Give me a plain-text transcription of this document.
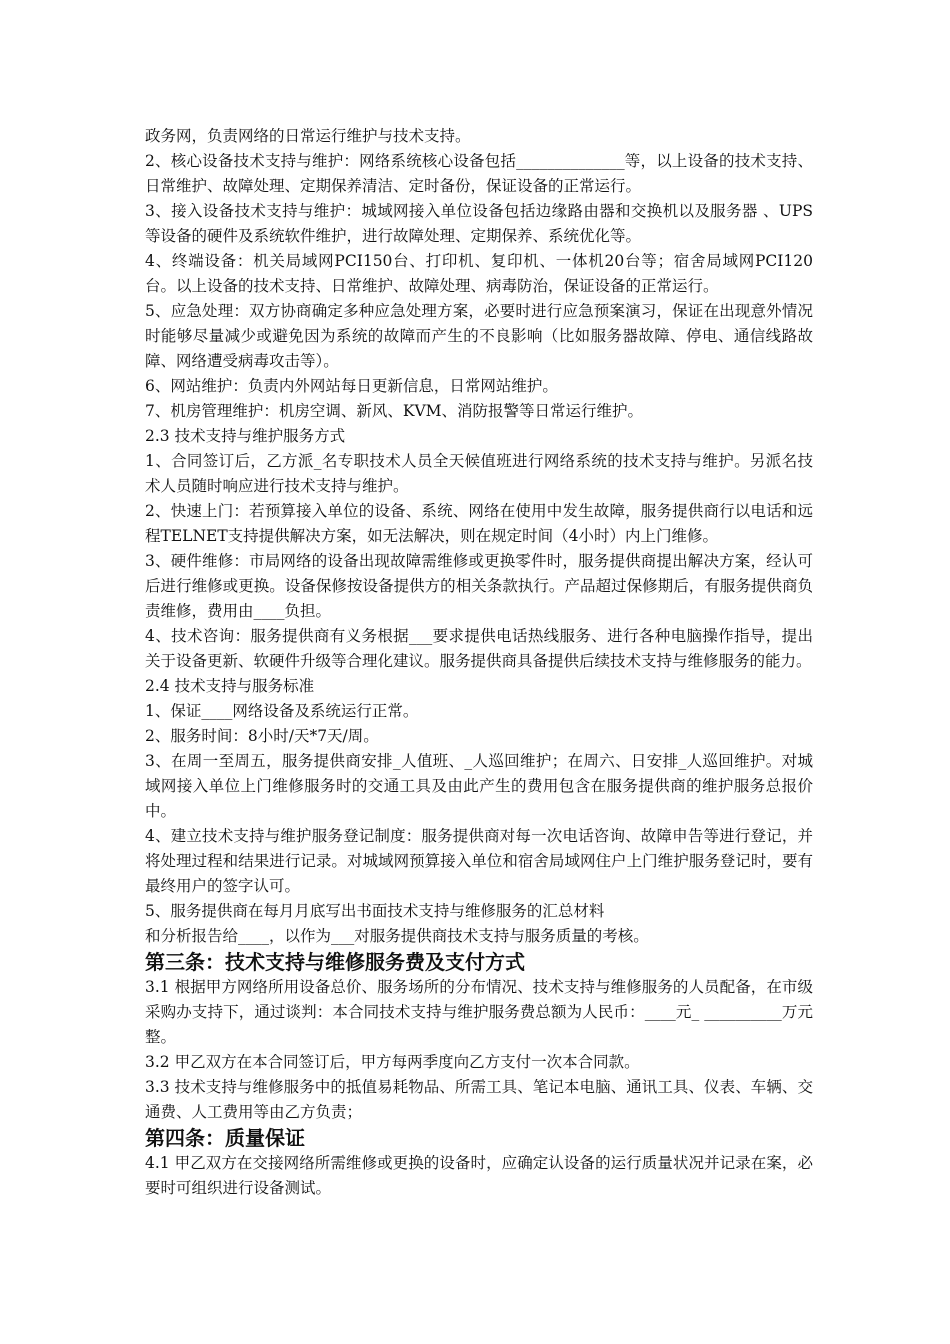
政务网，负责网络的日常运行维护与技术支持。

2、核心设备技术支持与维护：网络系统核心设备包括______________等，以上设备的技术支持、日常维护、故障处理、定期保养清洁、定时备份，保证设备的正常运行。

3、接入设备技术支持与维护：城域网接入单位设备包括边缘路由器和交换机以及服务器 、UPS等设备的硬件及系统软件维护，进行故障处理、定期保养、系统优化等。

4、终端设备：机关局域网PCI150台、打印机、复印机、一体机20台等；宿舍局域网PCI120台。以上设备的技术支持、日常维护、故障处理、病毒防治，保证设备的正常运行。

5、应急处理：双方协商确定多种应急处理方案，必要时进行应急预案演习，保证在出现意外情况时能够尽量减少或避免因为系统的故障而产生的不良影响（比如服务器故障、停电、通信线路故障、网络遭受病毒攻击等）。

6、网站维护：负责内外网站每日更新信息，日常网站维护。

7、机房管理维护：机房空调、新风、KVM、消防报警等日常运行维护。

2.3 技术支持与维护服务方式

1、合同签订后，乙方派_名专职技术人员全天候值班进行网络系统的技术支持与维护。另派名技术人员随时响应进行技术支持与维护。

2、快速上门：若预算接入单位的设备、系统、网络在使用中发生故障，服务提供商行以电话和远程TELNET支持提供解决方案，如无法解决，则在规定时间（4小时）内上门维修。

3、硬件维修：市局网络的设备出现故障需维修或更换零件时，服务提供商提出解决方案，经认可后进行维修或更换。设备保修按设备提供方的相关条款执行。产品超过保修期后，有服务提供商负责维修，费用由____负担。

4、技术咨询：服务提供商有义务根据___要求提供电话热线服务、进行各种电脑操作指导，提出关于设备更新、软硬件升级等合理化建议。服务提供商具备提供后续技术支持与维修服务的能力。

2.4 技术支持与服务标准

1、保证____网络设备及系统运行正常。

2、服务时间：8小时/天*7天/周。

3、在周一至周五，服务提供商安排_人值班、_人巡回维护；在周六、日安排_人巡回维护。对城域网接入单位上门维修服务时的交通工具及由此产生的费用包含在服务提供商的维护服务总报价中。

4、建立技术支持与维护服务登记制度：服务提供商对每一次电话咨询、故障申告等进行登记，并将处理过程和结果进行记录。对城域网预算接入单位和宿舍局域网住户上门维护服务登记时，要有最终用户的签字认可。

5、服务提供商在每月月底写出书面技术支持与维修服务的汇总材料

和分析报告给____，以作为___对服务提供商技术支持与服务质量的考核。

第三条：技术支持与维修服务费及支付方式

3.1 根据甲方网络所用设备总价、服务场所的分布情况、技术支持与维修服务的人员配备，在市级采购办支持下，通过谈判：本合同技术支持与维护服务费总额为人民币：____元_ __________万元整。

3.2 甲乙双方在本合同签订后，甲方每两季度向乙方支付一次本合同款。

3.3 技术支持与维修服务中的抵值易耗物品、所需工具、笔记本电脑、通讯工具、仪表、车辆、交通费、人工费用等由乙方负责；

第四条：质量保证

4.1 甲乙双方在交接网络所需维修或更换的设备时，应确定认设备的运行质量状况并记录在案，必要时可组织进行设备测试。
